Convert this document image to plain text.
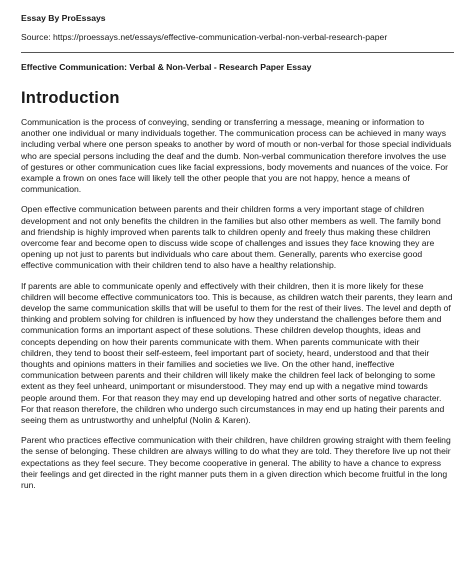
Essay By ProEssays

Source: https://proessays.net/essays/effective-communication-verbal-non-verbal-research-paper

Effective Communication: Verbal & Non-Verbal - Research Paper Essay

Introduction

Communication is the process of conveying, sending or transferring a message, meaning or information to another one individual or many individuals together. The communication process can be achieved in many ways including verbal where one person speaks to another by word of mouth or non-verbal for those special individuals who are special persons including the deaf and the dumb. Non-verbal communication therefore involves the use of gestures or other communication cues like facial expressions, body movements and nuances of the voice. For example a frown on ones face will likely tell the other people that you are not happy, hence a means of communication.

Open effective communication between parents and their children forms a very important stage of children development and not only benefits the children in the families but also other members as well. The family bond and friendship is highly improved when parents talk to children openly and freely thus making these children overcome fear and become open to discuss wide scope of challenges and issues they face knowing they are opening up not just to parents but individuals who care about them. Generally, parents who exercise good effective communication with their children tend to also have a healthy relationship.

If parents are able to communicate openly and effectively with their children, then it is more likely for these children will become effective communicators too. This is because, as children watch their parents, they learn and develop the same communication skills that will be useful to them for the rest of their lives. The level and depth of thinking and problem solving for children is influenced by how they understand the challenges before them and communication forms an important aspect of these solutions. These children develop thoughts, ideas and concepts depending on how their parents communicate with them. When parents communicate with their children, they tend to boost their self-esteem, feel important part of society, heard, understood and that their thoughts and opinions matters in their families and societies we live. On the other hand, ineffective communication between parents and their children will likely make the children feel lack of belonging to some extent as they feel unheard, unimportant or misunderstood. They may end up with a negative mind towards people around them. For that reason they may end up developing hatred and other sorts of negative character. For that reason therefore, the children who undergo such circumstances in may end up hating their parents and seeing them as untrustworthy and unhelpful (Nolin & Karen).

Parent who practices effective communication with their children, have children growing straight with them feeling the sense of belonging. These children are always willing to do what they are told. They therefore live up not their expectations as they feel secure. They become cooperative in general. The ability to have a chance to express their feelings and get directed in the right manner puts them in a given direction which become fruitful in the long run.
